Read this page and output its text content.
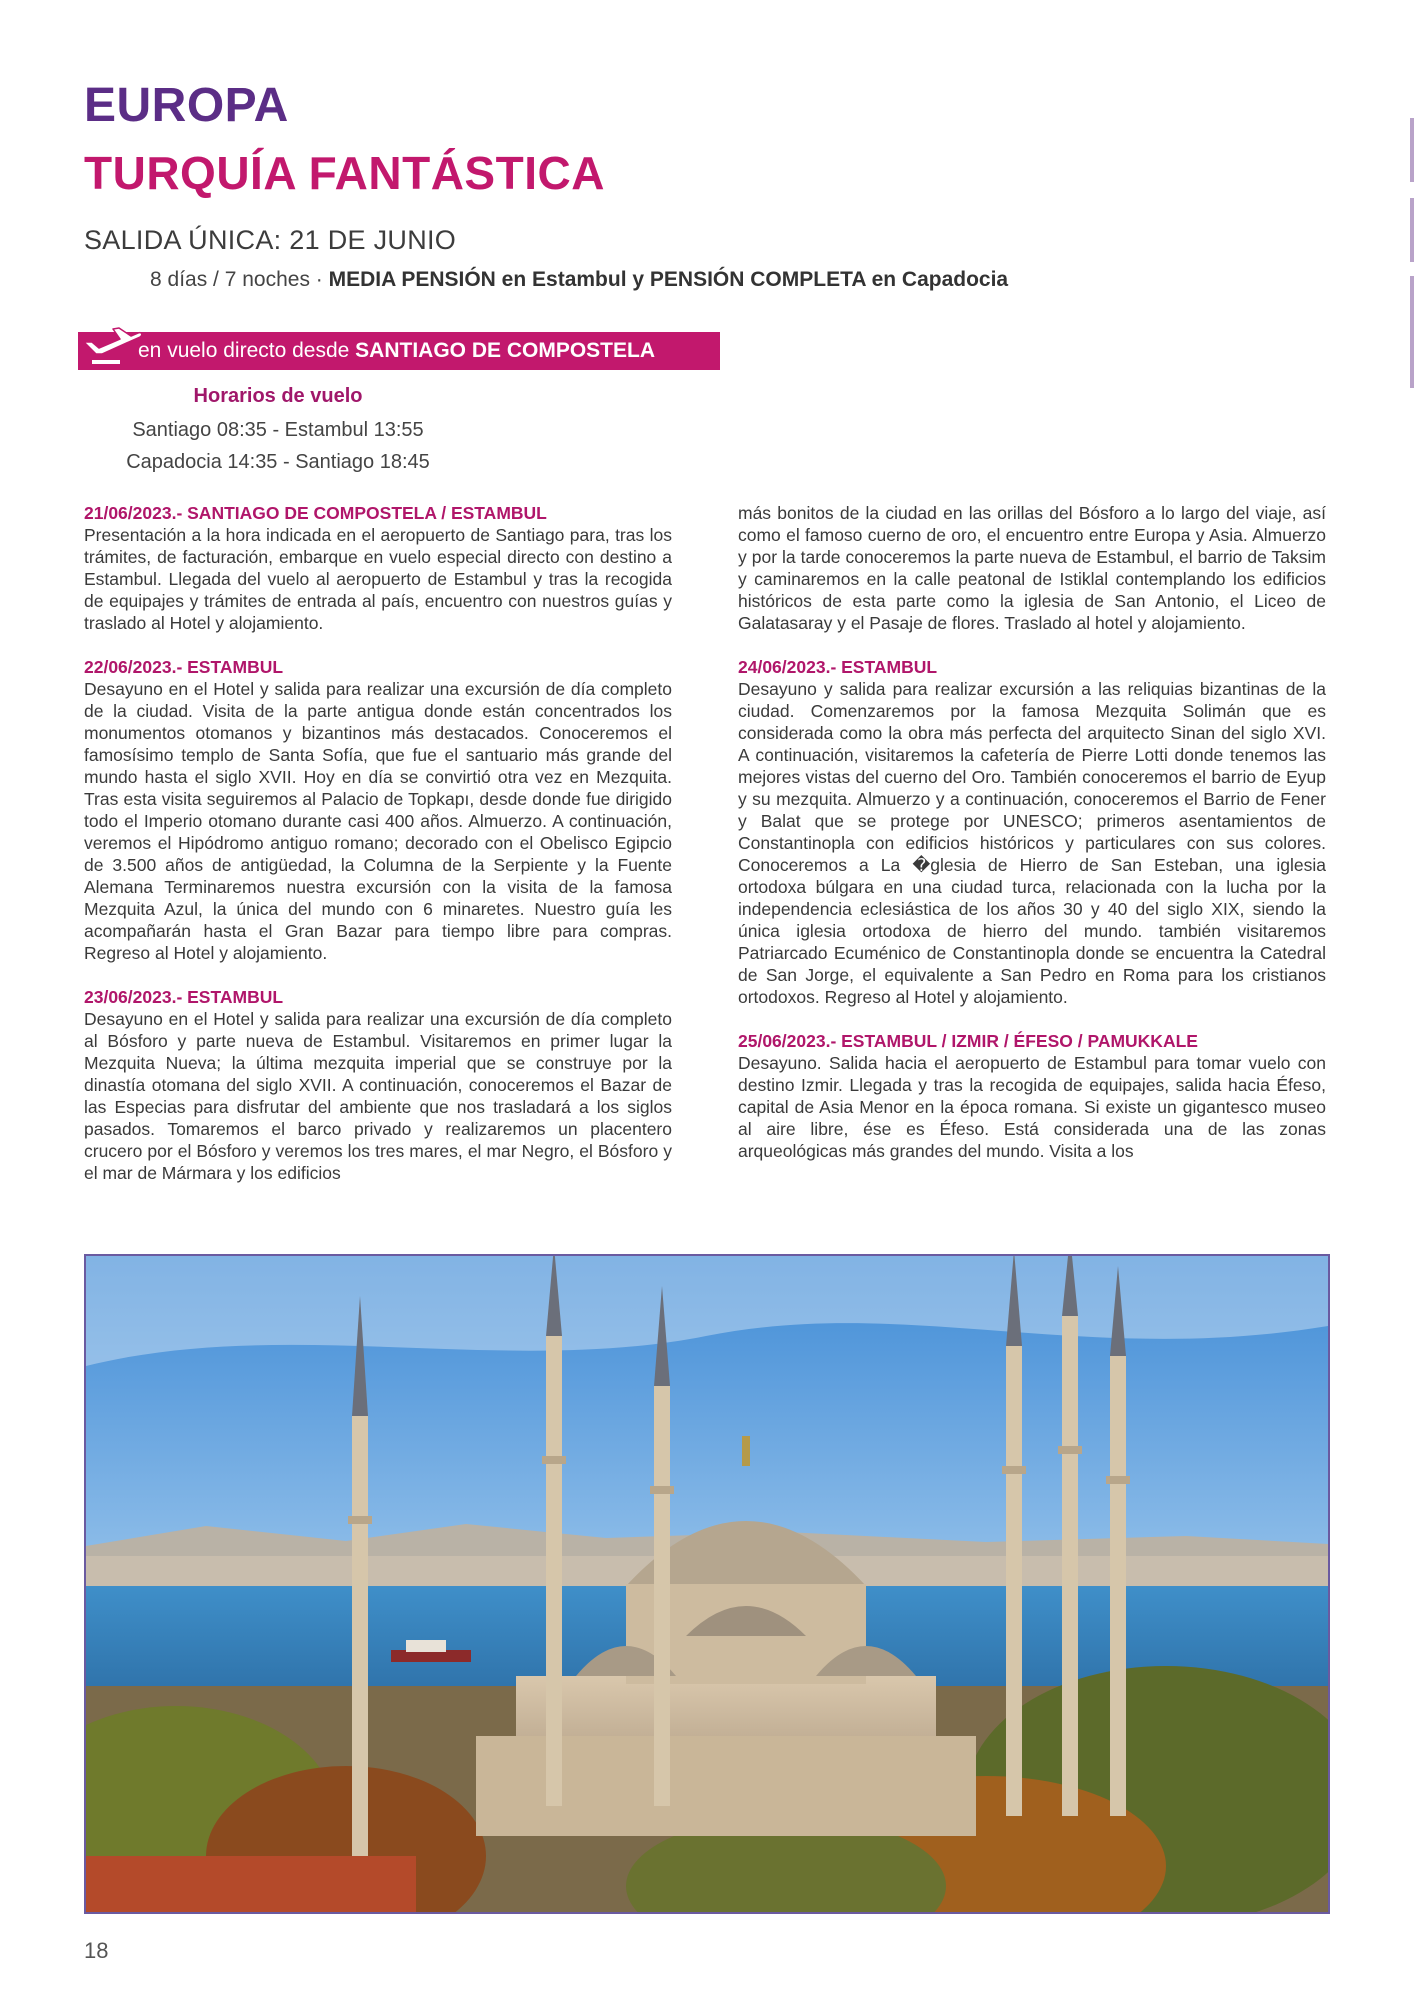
EUROPA
TURQUÍA FANTÁSTICA

SALIDA ÚNICA: 21 DE JUNIO

8 días / 7 noches · MEDIA PENSIÓN en Estambul y PENSIÓN COMPLETA en Capadocia

en vuelo directo desde SANTIAGO DE COMPOSTELA
Horarios de vuelo
Santiago 08:35 - Estambul 13:55
Capadocia 14:35 - Santiago 18:45
21/06/2023.- SANTIAGO DE COMPOSTELA / ESTAMBUL

Presentación a la hora indicada en el aeropuerto de Santiago para, tras los trámites, de facturación, embarque en vuelo especial directo con destino a Estambul. Llegada del vuelo al aeropuerto de Estambul y tras la recogida de equipajes y trámites de entrada al país, encuentro con nuestros guías y traslado al Hotel y alojamiento.

22/06/2023.- ESTAMBUL

Desayuno en el Hotel y salida para realizar una excursión de día completo de la ciudad. Visita de la parte antigua donde están concentrados los monumentos otomanos y bizantinos más destacados. Conoceremos el famosísimo templo de Santa Sofía, que fue el santuario más grande del mundo hasta el siglo XVII. Hoy en día se convirtió otra vez en Mezquita. Tras esta visita seguiremos al Palacio de Topkapı, desde donde fue dirigido todo el Imperio otomano durante casi 400 años. Almuerzo. A continuación, veremos el Hipódromo antiguo romano; decorado con el Obelisco Egipcio de 3.500 años de antigüedad, la Columna de la Serpiente y la Fuente Alemana Terminaremos nuestra excursión con la visita de la famosa Mezquita Azul, la única del mundo con 6 minaretes. Nuestro guía les acompañarán hasta el Gran Bazar para tiempo libre para compras. Regreso al Hotel y alojamiento.

23/06/2023.- ESTAMBUL

Desayuno en el Hotel y salida para realizar una excursión de día completo al Bósforo y parte nueva de Estambul. Visitaremos en primer lugar la Mezquita Nueva; la última mezquita imperial que se construye por la dinastía otomana del siglo XVII. A continuación, conoceremos el Bazar de las Especias para disfrutar del ambiente que nos trasladará a los siglos pasados. Tomaremos el barco privado y realizaremos un placentero crucero por el Bósforo y veremos los tres mares, el mar Negro, el Bósforo y el mar de Mármara y los edificios

más bonitos de la ciudad en las orillas del Bósforo a lo largo del viaje, así como el famoso cuerno de oro, el encuentro entre Europa y Asia. Almuerzo y por la tarde conoceremos la parte nueva de Estambul, el barrio de Taksim y caminaremos en la calle peatonal de Istiklal contemplando los edificios históricos de esta parte como la iglesia de San Antonio, el Liceo de Galatasaray y el Pasaje de flores. Traslado al hotel y alojamiento.

24/06/2023.- ESTAMBUL

Desayuno y salida para realizar excursión a las reliquias bizantinas de la ciudad. Comenzaremos por la famosa Mezquita Solimán que es considerada como la obra más perfecta del arquitecto Sinan del siglo XVI. A continuación, visitaremos la cafetería de Pierre Lotti donde tenemos las mejores vistas del cuerno del Oro. También conoceremos el barrio de Eyup y su mezquita. Almuerzo y a continuación, conoceremos el Barrio de Fener y Balat que se protege por UNESCO; primeros asentamientos de Constantinopla con edificios históricos y particulares con sus colores. Conoceremos a La �glesia de Hierro de San Esteban, una iglesia ortodoxa búlgara en una ciudad turca, relacionada con la lucha por la independencia eclesiástica de los años 30 y 40 del siglo XIX, siendo la única iglesia ortodoxa de hierro del mundo. también visitaremos Patriarcado Ecuménico de Constantinopla donde se encuentra la Catedral de San Jorge, el equivalente a San Pedro en Roma para los cristianos ortodoxos. Regreso al Hotel y alojamiento.

25/06/2023.- ESTAMBUL / IZMIR / ÉFESO / PAMUKKALE

Desayuno. Salida hacia el aeropuerto de Estambul para tomar vuelo con destino Izmir. Llegada y tras la recogida de equipajes, salida hacia Éfeso, capital de Asia Menor en la época romana. Si existe un gigantesco museo al aire libre, ése es Éfeso. Está considerada una de las zonas arqueológicas más grandes del mundo. Visita a los

18
